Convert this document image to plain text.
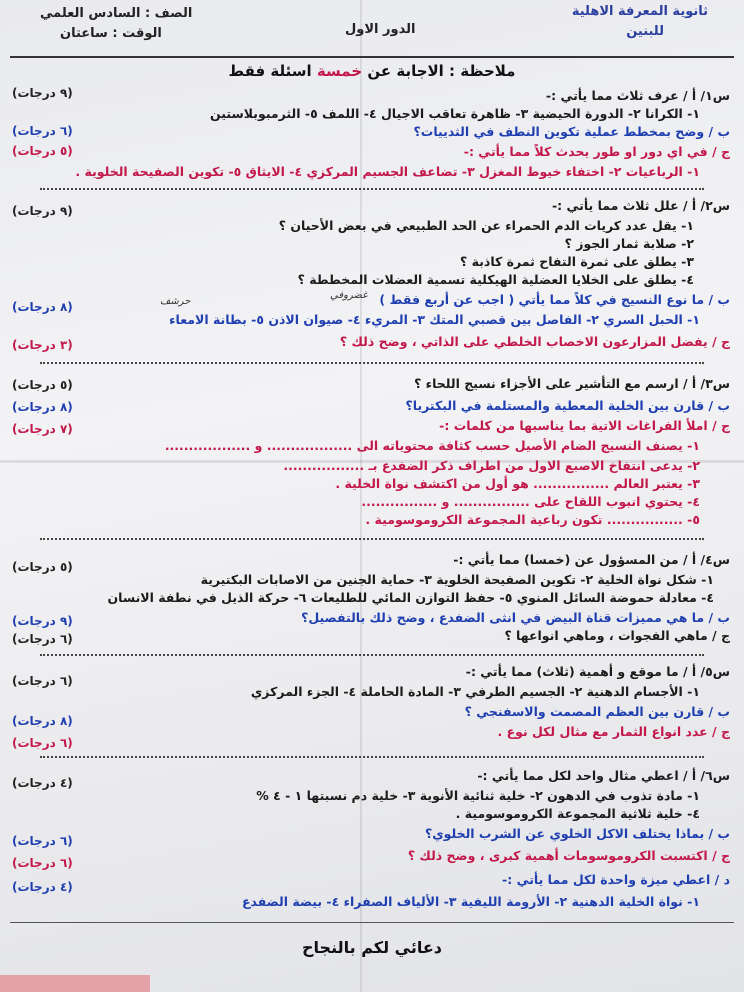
الصف : السادس العلمي
الوقت : ساعتان	الدور الاول
ثانوية المعرفة الاهلية
للبنين
ملاحظة : الاجابة عن خمسة اسئلة فقط
س١/ أ / عرف ثلاث مما يأتي :-
(٩ درجات)
١- الكرانا ٢- الدورة الحيضية ٣- ظاهرة تعاقب الاجيال ٤- اللمف ٥- الثرمبوبلاستين
ب / وضح بمخطط عملية تكوين النطف في الثدييات؟
(٦ درجات)
ج / في اي دور او طور يحدث كلاً مما يأتي :-
(٥ درجات)
١- الرباعيات ٢- اختفاء خيوط المغزل ٣- تضاعف الجسيم المركزي ٤- الايثاق ٥- تكوين الصفيحة الخلوية .
س٢/ أ / علل ثلاث مما يأتي :-
(٩ درجات)
١- يقل عدد كريات الدم الحمراء عن الحد الطبيعي في بعض الأحيان ؟
٢- صلابة ثمار الجوز ؟
٣- يطلق على ثمرة التفاح ثمرة كاذبة ؟
٤- يطلق على الخلايا العضلية الهيكلية تسمية العضلات المخططة ؟
ب / ما نوع النسيج في كلاً مما يأتي ( اجب عن أربع فقط )
(٨ درجات)	حرشف
غضروفي
١- الحبل السري ٢- الفاصل بين قصبي المتك ٣- المريء ٤- صيوان الاذن ٥- بطانة الامعاء
ج / يفضل المزارعون الاخصاب الخلطي على الذاتي ، وضح ذلك ؟
(٣ درجات)
س٣/ أ / ارسم مع التأشير على الأجزاء نسيج اللحاء ؟
(٥ درجات)
ب / قارن بين الخلية المعطية والمستلمة في البكتريا؟
(٨ درجات)
ج / املأ الفراغات الاتية بما يناسبها من كلمات :-
(٧ درجات)
١- يصنف النسيج الضام الأصيل حسب كثافة محتوياته الى .................. و ..................
٢- يدعى انتفاخ الاصبع الاول من اطراف ذكر الضفدع بـ .................
٣- يعتبر العالم ................ هو أول من اكتشف نواة الخلية .
٤- يحتوي انبوب اللقاح على ................ و ................
٥- ................ تكون رباعية المجموعة الكروموسومية .
س٤/ أ / من المسؤول عن (خمسا) مما يأتي :-
(٥ درجات)
١- شكل نواة الخلية ٢- تكوين الصفيحة الخلوية ٣- حماية الجنين من الاصابات البكتيرية
٤- معادلة حموضة السائل المنوي ٥- حفظ التوازن المائي للطليعات ٦- حركة الذيل في نطفة الانسان
ب / ما هي مميزات قناة البيض في انثى الضفدع ، وضح ذلك بالتفصيل؟
(٩ درجات)
ج / ماهي الفجوات ، وماهي انواعها ؟
(٦ درجات)
س٥/ أ / ما موقع و أهمية (ثلاث) مما يأتي :-
(٦ درجات)
١- الأجسام الدهنية ٢- الجسيم الطرفي ٣- المادة الحاملة ٤- الجزء المركزي
ب / قارن بين العظم المصمت والاسفنجي ؟
(٨ درجات)
ج / عدد انواع الثمار مع مثال لكل نوع .
(٦ درجات)
س٦/ أ / اعطي مثال واحد لكل مما يأتي :-
(٤ درجات)
١- مادة تذوب في الدهون ٢- خلية ثنائية الأنوية ٣- خلية دم نسبتها ١ - ٤ %
٤- خلية ثلاثية المجموعة الكروموسومية .
ب / بماذا يختلف الاكل الخلوي عن الشرب الخلوي؟
(٦ درجات)
ج / اكتسبت الكروموسومات أهمية كبرى ، وضح ذلك ؟
(٦ درجات)
د / اعطي ميزة واحدة لكل مما يأتي :-
(٤ درجات)
١- نواة الخلية الدهنية ٢- الأرومة الليفية ٣- الألياف الصفراء ٤- بيضة الضفدع
دعائي لكم بالنجاح
